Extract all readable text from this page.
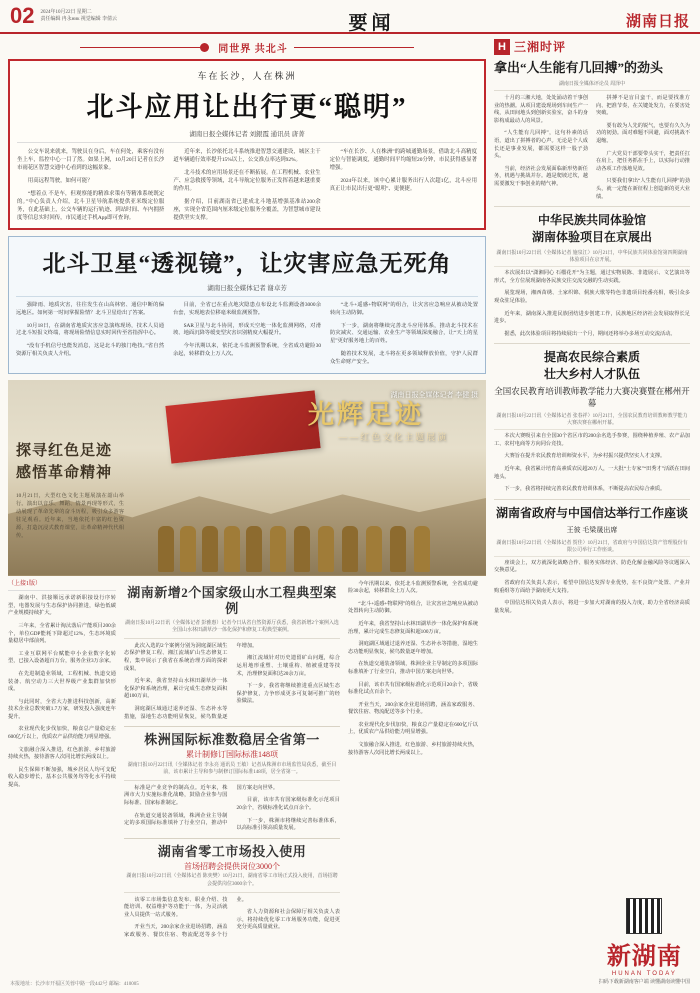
02 2024年10月22日 星期二
责任编辑 冉永ник 视觉编辑 李倩云	要闻	湖南日报
同世界 共北斗
车在长沙，人在株洲
北斗应用让出行更“聪明”
湖南日报全媒体记者 刘銀霞 通讯员 唐菁

公交车说来就来，驾驶员在身后，车在何处，乘客有没有坐上车，监控中心一目了然。如果上网，10月20日记者在长沙市雨花区智慧交通中心看到的这幅景象。

用高远程驾驶，如何可能？

“想着点 不是车，但观察能的精准求策有等精准系统既定的。”中心负责人介绍，北斗卫星导航系统提供亚米级定位服务，在此基础上，公交车辆的运行轨迹、到站时间、车内拥挤度等信息实时回传，市民通过手机App即可查询。

近年来，长沙依托北斗系统推进智慧交通建设，城区主干道车辆通行效率提升15%以上，公交准点率达到92%。

北斗技术的应用场景还在不断拓展。在工程机械、农业生产、应急救援等领域，北斗导航定位服务正发挥着越来越重要的作用。

据介绍，目前湖南省已建成北斗地基增强基准站200余座，实现全省范围内厘米级定位服务全覆盖，为智慧城市建设提供坚实支撑。

“车在长沙、人在株洲”的跨城通勤场景，借助北斗高精度定位与智能调度，通勤时间平均缩短20分钟，市民获得感显著增强。

2024年以来，该中心累计服务出行人次超1亿，北斗应用真正让市民出行更“聪明”、更便捷。

北斗卫星“透视镜”，让灾害应急无死角
湖南日报全媒体记者 谢卓芳

强降雨、地质灾害，往往发生在山高林密、通信中断的偏远地区。如何第一时间掌握险情？北斗卫星给出了答案。

10月18日，在湖南省地质灾害应急演练现场，技术人员通过北斗短报文终端，将现场险情信息实时回传至省指挥中心。

“没有手机信号也能发消息，这是北斗的独门绝技。”省自然资源厅相关负责人介绍。

目前，全省已在重点地灾隐患点布设北斗监测设备3000余台套，实现地表位移毫米级监测预警。

SAR卫星与北斗协同，形成天空地一体化监测网络，对滑坡、地面沉降等缓变型灾害识别精度大幅提升。

今年汛期以来，依托北斗监测预警系统，全省成功避险30余起，转移群众上万人次。

“北斗+遥感+物联网”的组合，让灾害应急响应从被动处置转向主动防御。

下一步，湖南将继续完善北斗应用体系，推动北斗技术在防灾减灾、交通运输、农业生产等领域深度融合，让“天上的星星”更好服务地上的百姓。

随着技术发展，北斗将在更多领域释放价值，守护人民群众生命财产安全。

光辉足迹
——红色文化主题展演
探寻红色足迹
感悟革命精神
10月21日，大型红色文化主题展演在韶山举行。演出以音乐、舞蹈、情景再现等形式，生动展现了革命先辈的奋斗历程，吸引众多游客驻足观看。近年来，当地依托丰富的红色资源，打造沉浸式教育课堂，让革命精神代代相传。
湖南日报全媒体记者 李健 摄
（上接1版）

湖南中、洪接顺远承诺新职接设行序转型，电器发展与生态保护协同推进，绿色低碳产业规模持续扩大。

三年来，全省累计淘汰落后产能项目200余个，单位GDP能耗下降超过12%，生态环境质量稳居中部前列。

工业互联网平台赋能中小企业数字化转型，已接入设备超百万台，服务企业3万余家。

在先进制造业领域，工程机械、轨道交通装备、航空动力三大世界级产业集群加快形成。

与此同时，全省大力推进科技创新，高新技术企业总数突破1.7万家，研发投入强度连年提升。

农业现代化步伐加快，粮食总产量稳定在600亿斤以上，优质农产品供给能力明显增强。

文旅融合深入推进，红色旅游、乡村旅游持续火热，接待游客人次同比增长两成以上。

民生保障不断加强，城乡居民人均可支配收入稳步增长，基本公共服务均等化水平持续提高。

湖南新增2个国家级山水工程典型案例
湖南日报10月22日讯（全媒体记者 彭雅惠）记者今日从省自然资源厅获悉，我省新增2个案例入选全国山水林田湖草沙一体化保护和修复工程典型案例。

此次入选的2个案例分别为洞庭湖区域生态保护修复工程、湘江流域矿山生态修复工程，集中展示了我省在系统治理方面的探索成果。

近年来，我省坚持山水林田湖草沙一体化保护和系统治理，累计完成生态修复面积超100万亩。

洞庭湖区域通过退养还湿、生态补水等措施，湿地生态功能明显恢复，候鸟数量逐年增加。

湘江流域针对历史遗留矿山问题，综合运用地形重塑、土壤重构、植被重建等技术，治理修复面积达20余万亩。

下一步，我省将继续推进重点区域生态保护修复，力争形成更多可复制可推广的经验做法。

株洲国际标准数稳居全省第一
累计制修订国际标准148项
湖南日报10月22日讯（全媒体记者 李永亮 通讯员 王敏）记者从株洲市市场监管局获悉，截至目前，该市累计主导和参与制修订国际标准148项，居全省第一。

标准是产业竞争的制高点。近年来，株洲市大力实施标准化战略，鼓励企业参与国际标准、国家标准制定。

在轨道交通装备领域，株洲企业主导制定的多项国际标准填补了行业空白，推动中国方案走向世界。

目前，该市共有国家级标准化示范项目20余个，省级标准化试点百余个。

下一步，株洲市将继续完善标准体系，以高标准引领高质量发展。

湖南省零工市场投入使用
首场招聘会提供岗位3000个
湖南日报10月22日讯（全媒体记者 陈奕樊）10月21日，湖南省零工市场正式投入使用，首场招聘会提供岗位3000余个。

该零工市场集信息发布、职业介绍、技能培训、权益维护等功能于一体，为灵活就业人员提供一站式服务。

开业当天，200余家企业进场招聘，涵盖家政服务、餐饮住宿、物流配送等多个行业。

省人力资源和社会保障厅相关负责人表示，将持续优化零工市场服务功能，促进更充分更高质量就业。

今年汛期以来，依托北斗监测预警系统，全省成功避险30余起，转移群众上万人次。

“北斗+遥感+物联网”的组合，让灾害应急响应从被动处置转向主动防御。

近年来，我省坚持山水林田湖草沙一体化保护和系统治理，累计完成生态修复面积超100万亩。

洞庭湖区域通过退养还湿、生态补水等措施，湿地生态功能明显恢复，候鸟数量逐年增加。

在轨道交通装备领域，株洲企业主导制定的多项国际标准填补了行业空白，推动中国方案走向世界。

目前，该市共有国家级标准化示范项目20余个，省级标准化试点百余个。

开业当天，200余家企业进场招聘，涵盖家政服务、餐饮住宿、物流配送等多个行业。

农业现代化步伐加快，粮食总产量稳定在600亿斤以上，优质农产品供给能力明显增强。

文旅融合深入推进，红色旅游、乡村旅游持续火热，接待游客人次同比增长两成以上。

H 三湘时评
拿出“人生能有几回搏”的劲头
湖南日报全媒体评论员 周泽中

十月的三湘大地，处处涌动着干事创业的热潮。从项目建设现场到车间生产一线，从田间地头到创新实验室，奋斗的身影构成最动人的风景。

“人生能有几回搏”，这句朴素的话语，道出了拼搏者的心声。无论是个人成长还是事业发展，都需要这样一股子劲头。

当前，经济社会发展面临新形势新任务，机遇与挑战并存。越是爬坡过坎，越需要激发干事创业的精气神。

拼搏不是盲目蛮干，而是要找准方向、把准节奏，在关键处发力，在要害处突破。

要有敢为人先的锐气，也要有久久为功的韧劲。面对难题不回避，面对挑战不退缩。

广大党员干部要带头实干，把责任扛在肩上，把任务抓在手上，以实际行动推动各项工作落地见效。

只要我们拿出“人生能有几回搏”的劲头，就一定能在新征程上创造新的更大业绩。

中华民族共同体验馆
湖南体验项目在京展出
湖南日报10月22日讯（全媒体记者 施泉江）10月21日，中华民族共同体验馆第四期湖南体验项目在京开展。

本次展出以“潇湘同心 石榴花开”为主题，通过实物展陈、非遗展示、文艺演出等形式，全方位展现湖南各民族交往交流交融的生动实践。

展览现场，湘西苗绣、土家织锦、侗族大歌等特色非遗项目轮番亮相，吸引众多观众驻足体验。

近年来，湖南深入推进民族团结进步创建工作，民族地区经济社会发展取得长足进步。

据悉，此次体验项目将持续展出一个月，期间还将举办多场互动交流活动。

提高农民综合素质
壮大乡村人才队伍
全国农民教育培训教师教学能力大赛决赛暨在郴州开幕
湖南日报10月22日讯（全媒体记者 张春祥）10月21日，全国农民教育培训教师教学能力大赛决赛在郴州开幕。

本次大赛吸引来自全国30个省区市的200余名选手参赛，围绕种植养殖、农产品加工、农村电商等方向同台竞技。

大赛旨在提升农民教育培训师资水平，为乡村振兴提供坚实人才支撑。

近年来，我省累计培育高素质农民超20万人，一大批“土专家”“田秀才”活跃在田间地头。

下一步，我省将持续完善农民教育培训体系，不断提高农民综合素质。

湖南省政府与中国信达举行工作座谈
王彼 毛梁晟出席
湖南日报10月22日讯（全媒体记者 贺佳）10月21日，省政府与中国信达资产管理股份有限公司举行工作座谈。

座谈会上，双方就深化战略合作、服务实体经济、防范化解金融风险等议题深入交换意见。

省政府有关负责人表示，希望中国信达发挥专业优势，在不良资产处置、产业并购重组等方面给予湖南更大支持。

中国信达相关负责人表示，将进一步加大对湖南的投入力度，助力全省经济高质量发展。

新湖南
HUNAN TODAY
扫码下载新湖南客户端 读懂湖南读懂中国
本报地址：长沙市开福区芙蓉中路一段442号 邮编：410005
